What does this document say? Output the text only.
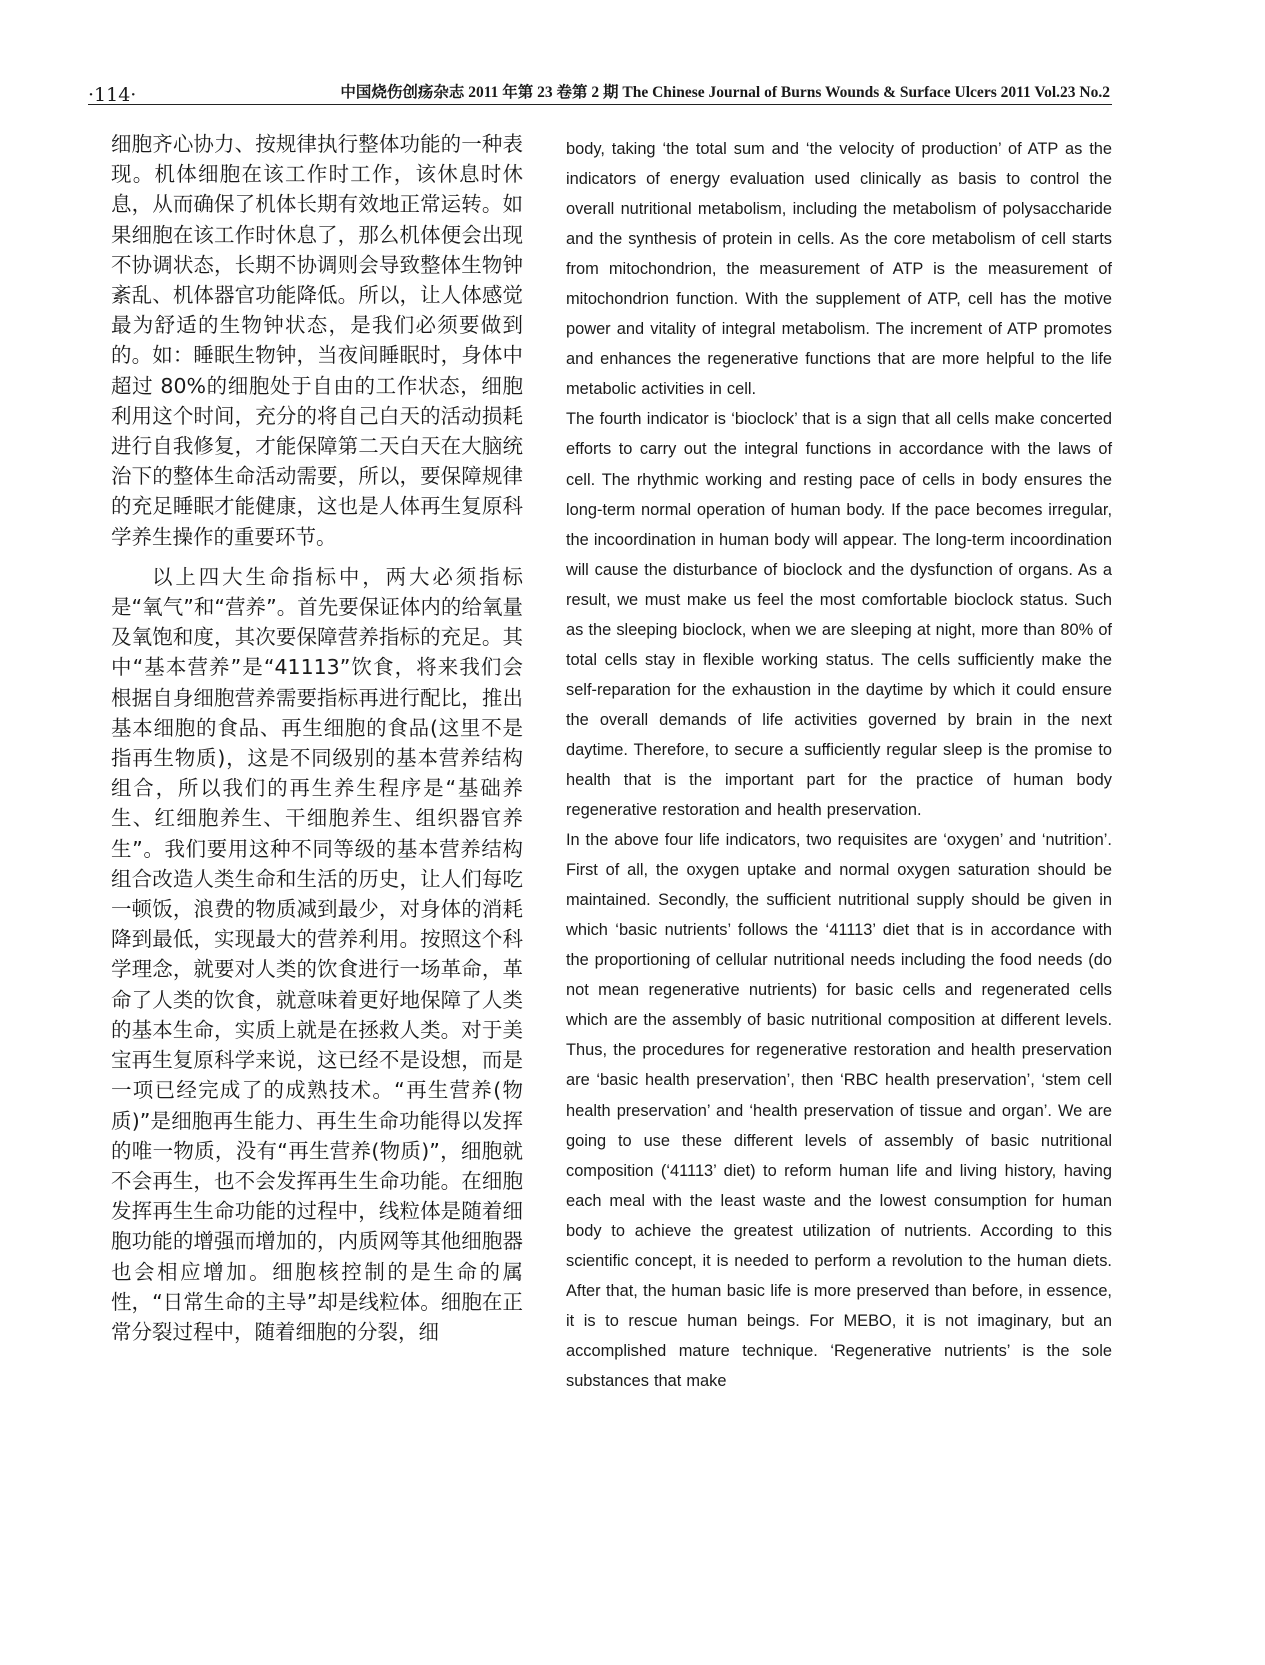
·114·	中国烧伤创疡杂志 2011 年第 23 卷第 2 期 The Chinese Journal of Burns Wounds & Surface Ulcers 2011 Vol.23 No.2

细胞齐心协力、按规律执行整体功能的一种表现。机体细胞在该工作时工作，该休息时休息，从而确保了机体长期有效地正常运转。如果细胞在该工作时休息了，那么机体便会出现不协调状态，长期不协调则会导致整体生物钟紊乱、机体器官功能降低。所以，让人体感觉最为舒适的生物钟状态，是我们必须要做到的。如：睡眠生物钟，当夜间睡眠时，身体中超过 80%的细胞处于自由的工作状态，细胞利用这个时间，充分的将自己白天的活动损耗进行自我修复，才能保障第二天白天在大脑统治下的整体生命活动需要，所以，要保障规律的充足睡眠才能健康，这也是人体再生复原科学养生操作的重要环节。

以上四大生命指标中，两大必须指标是“氧气”和“营养”。首先要保证体内的给氧量及氧饱和度，其次要保障营养指标的充足。其中“基本营养”是“41113”饮食，将来我们会根据自身细胞营养需要指标再进行配比，推出基本细胞的食品、再生细胞的食品(这里不是指再生物质)，这是不同级别的基本营养结构组合，所以我们的再生养生程序是“基础养生、红细胞养生、干细胞养生、组织器官养生”。我们要用这种不同等级的基本营养结构组合改造人类生命和生活的历史，让人们每吃一顿饭，浪费的物质减到最少，对身体的消耗降到最低，实现最大的营养利用。按照这个科学理念，就要对人类的饮食进行一场革命，革命了人类的饮食，就意味着更好地保障了人类的基本生命，实质上就是在拯救人类。对于美宝再生复原科学来说，这已经不是设想，而是一项已经完成了的成熟技术。“再生营养(物质)”是细胞再生能力、再生生命功能得以发挥的唯一物质，没有“再生营养(物质)”，细胞就不会再生，也不会发挥再生生命功能。在细胞发挥再生生命功能的过程中，线粒体是随着细胞功能的增强而增加的，内质网等其他细胞器也会相应增加。细胞核控制的是生命的属性，“日常生命的主导”却是线粒体。细胞在正常分裂过程中，随着细胞的分裂，细

body, taking ‘the total sum and ‘the velocity of production’ of ATP as the indicators of energy evaluation used clinically as basis to control the overall nutritional metabolism, including the metabolism of polysaccharide and the synthesis of protein in cells. As the core metabolism of cell starts from mitochondrion, the measurement of ATP is the measurement of mitochondrion function. With the supplement of ATP, cell has the motive power and vitality of integral metabolism. The increment of ATP promotes and enhances the regenerative functions that are more helpful to the life metabolic activities in cell.

The fourth indicator is ‘bioclock’ that is a sign that all cells make concerted efforts to carry out the integral functions in accordance with the laws of cell. The rhythmic working and resting pace of cells in body ensures the long-term normal operation of human body. If the pace becomes irregular, the incoordination in human body will appear. The long-term incoordination will cause the disturbance of bioclock and the dysfunction of organs. As a result, we must make us feel the most comfortable bioclock status. Such as the sleeping bioclock, when we are sleeping at night, more than 80% of total cells stay in flexible working status. The cells sufficiently make the self-reparation for the exhaustion in the daytime by which it could ensure the overall demands of life activities governed by brain in the next daytime. Therefore, to secure a sufficiently regular sleep is the promise to health that is the important part for the practice of human body regenerative restoration and health preservation.

In the above four life indicators, two requisites are ‘oxygen’ and ‘nutrition’. First of all, the oxygen uptake and normal oxygen saturation should be maintained. Secondly, the sufficient nutritional supply should be given in which ‘basic nutrients’ follows the ‘41113’ diet that is in accordance with the proportioning of cellular nutritional needs including the food needs (do not mean regenerative nutrients) for basic cells and regenerated cells which are the assembly of basic nutritional composition at different levels. Thus, the procedures for regenerative restoration and health preservation are ‘basic health preservation’, then ‘RBC health preservation’, ‘stem cell health preservation’ and ‘health preservation of tissue and organ’. We are going to use these different levels of assembly of basic nutritional composition (‘41113’ diet) to reform human life and living history, having each meal with the least waste and the lowest consumption for human body to achieve the greatest utilization of nutrients. According to this scientific concept, it is needed to perform a revolution to the human diets. After that, the human basic life is more preserved than before, in essence, it is to rescue human beings. For MEBO, it is not imaginary, but an accomplished mature technique. ‘Regenerative nutrients’ is the sole substances that make
